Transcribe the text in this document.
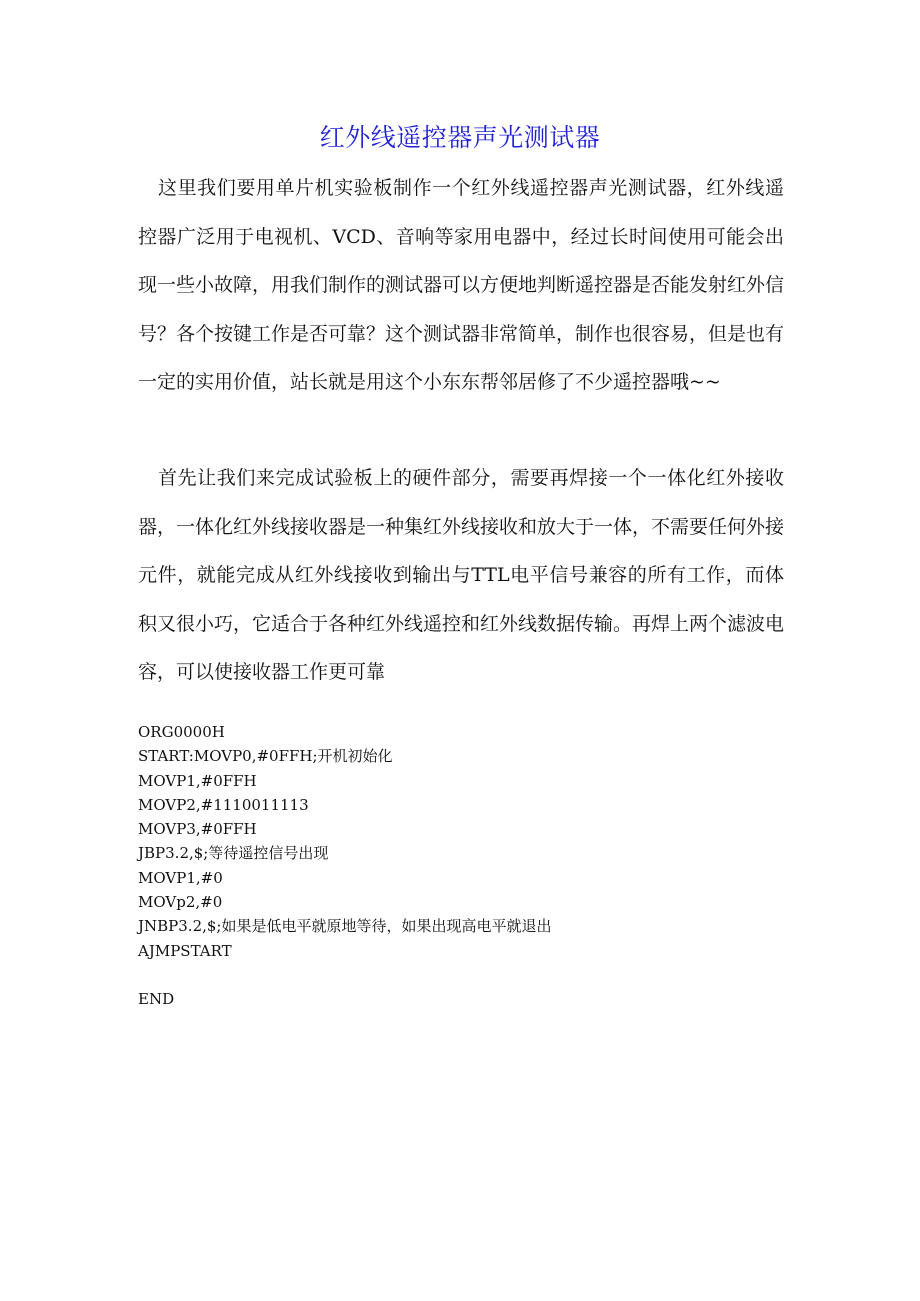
红外线遥控器声光测试器

这里我们要用单片机实验板制作一个红外线遥控器声光测试器，红外线遥控器广泛用于电视机、VCD、音响等家用电器中，经过长时间使用可能会出现一些小故障，用我们制作的测试器可以方便地判断遥控器是否能发射红外信号？各个按键工作是否可靠？这个测试器非常简单，制作也很容易，但是也有一定的实用价值，站长就是用这个小东东帮邻居修了不少遥控器哦~~

首先让我们来完成试验板上的硬件部分，需要再焊接一个一体化红外接收器，一体化红外线接收器是一种集红外线接收和放大于一体，不需要任何外接元件，就能完成从红外线接收到输出与TTL电平信号兼容的所有工作，而体积又很小巧，它适合于各种红外线遥控和红外线数据传输。再焊上两个滤波电容，可以使接收器工作更可靠

ORG0000H
START:MOVP0,#0FFH;开机初始化
MOVP1,#0FFH
MOVP2,#1110011113
MOVP3,#0FFH
JBP3.2,$;等待遥控信号出现
MOVP1,#0
MOVp2,#0
JNBP3.2,$;如果是低电平就原地等待，如果出现高电平就退出
AJMPSTART
END
